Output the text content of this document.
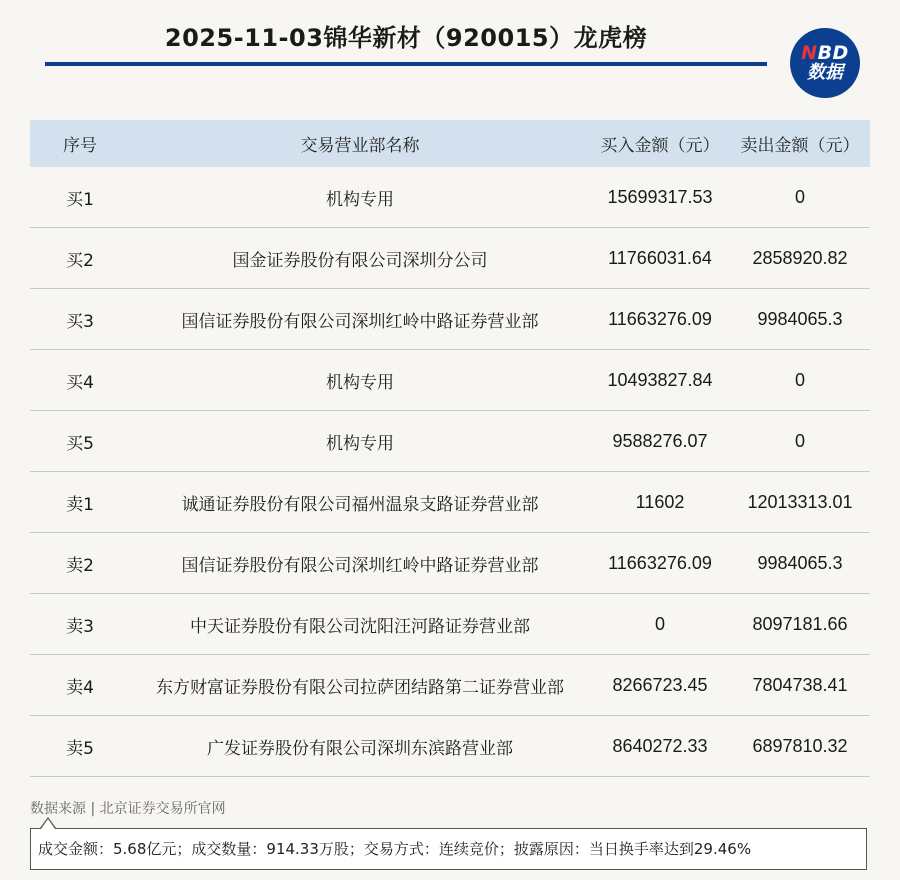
2025-11-03锦华新材（920015）龙虎榜
NBD
数据
序号	交易营业部名称	买入金额（元）	卖出金额（元）
买1	机构专用	15699317.53	0
买2	国金证券股份有限公司深圳分公司	11766031.64	2858920.82
买3	国信证券股份有限公司深圳红岭中路证券营业部	11663276.09	9984065.3
买4	机构专用	10493827.84	0
买5	机构专用	9588276.07	0
卖1	诚通证券股份有限公司福州温泉支路证券营业部	11602	12013313.01
卖2	国信证券股份有限公司深圳红岭中路证券营业部	11663276.09	9984065.3
卖3	中天证券股份有限公司沈阳汪河路证券营业部	0	8097181.66
卖4	东方财富证券股份有限公司拉萨团结路第二证券营业部	8266723.45	7804738.41
卖5	广发证券股份有限公司深圳东滨路营业部	8640272.33	6897810.32
数据来源 | 北京证券交易所官网
成交金额：5.68亿元；成交数量：914.33万股；交易方式：连续竞价；披露原因：当日换手率达到29.46%
